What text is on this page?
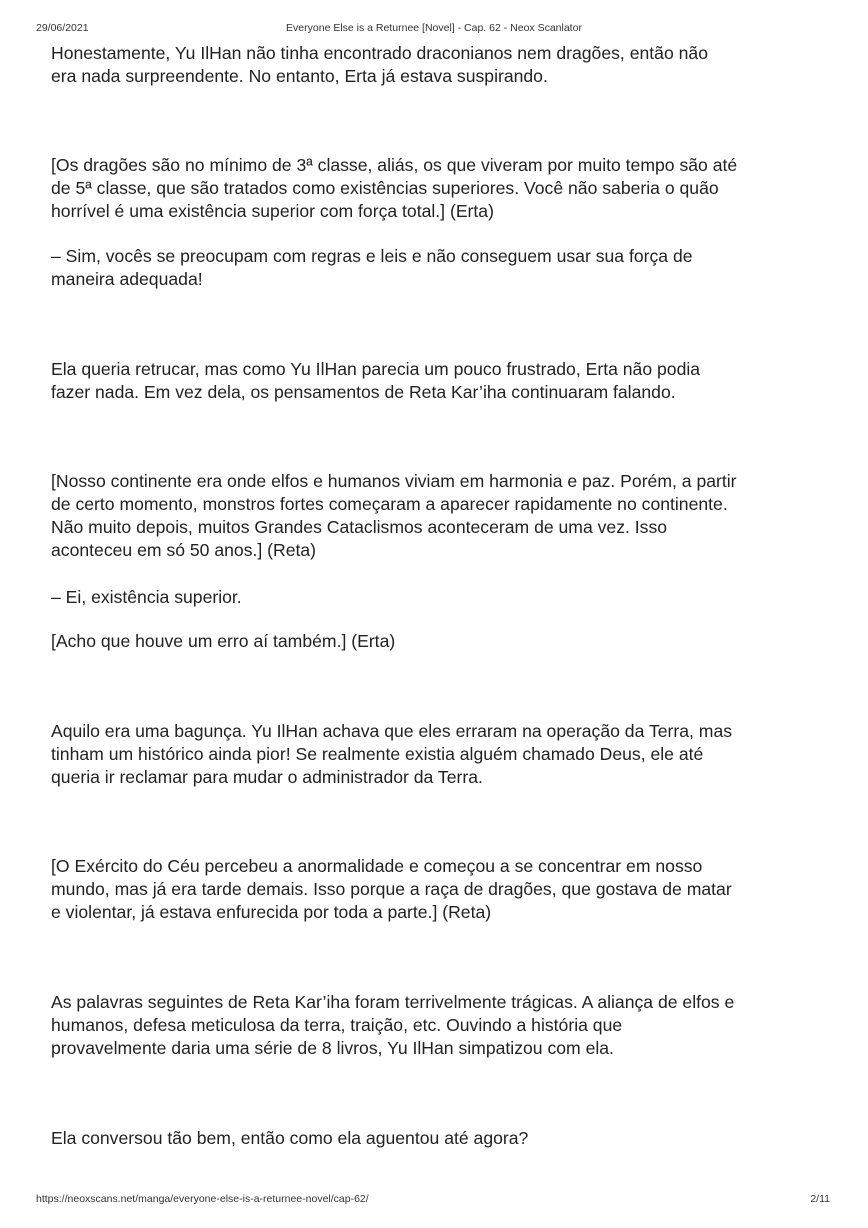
29/06/2021	Everyone Else is a Returnee [Novel] - Cap. 62 - Neox Scanlator

Honestamente, Yu IlHan não tinha encontrado draconianos nem dragões, então não
era nada surpreendente. No entanto, Erta já estava suspirando.

[Os dragões são no mínimo de 3ª classe, aliás, os que viveram por muito tempo são até
de 5ª classe, que são tratados como existências superiores. Você não saberia o quão
horrível é uma existência superior com força total.] (Erta)

– Sim, vocês se preocupam com regras e leis e não conseguem usar sua força de
maneira adequada!

Ela queria retrucar, mas como Yu IlHan parecia um pouco frustrado, Erta não podia
fazer nada. Em vez dela, os pensamentos de Reta Kar’iha continuaram falando.

[Nosso continente era onde elfos e humanos viviam em harmonia e paz. Porém, a partir
de certo momento, monstros fortes começaram a aparecer rapidamente no continente.
Não muito depois, muitos Grandes Cataclismos aconteceram de uma vez. Isso
aconteceu em só 50 anos.] (Reta)

– Ei, existência superior.

[Acho que houve um erro aí também.] (Erta)

Aquilo era uma bagunça. Yu IlHan achava que eles erraram na operação da Terra, mas
tinham um histórico ainda pior! Se realmente existia alguém chamado Deus, ele até
queria ir reclamar para mudar o administrador da Terra.

[O Exército do Céu percebeu a anormalidade e começou a se concentrar em nosso
mundo, mas já era tarde demais. Isso porque a raça de dragões, que gostava de matar
e violentar, já estava enfurecida por toda a parte.] (Reta)

As palavras seguintes de Reta Kar’iha foram terrivelmente trágicas. A aliança de elfos e
humanos, defesa meticulosa da terra, traição, etc. Ouvindo a história que
provavelmente daria uma série de 8 livros, Yu IlHan simpatizou com ela.

Ela conversou tão bem, então como ela aguentou até agora?

https://neoxscans.net/manga/everyone-else-is-a-returnee-novel/cap-62/	2/11
